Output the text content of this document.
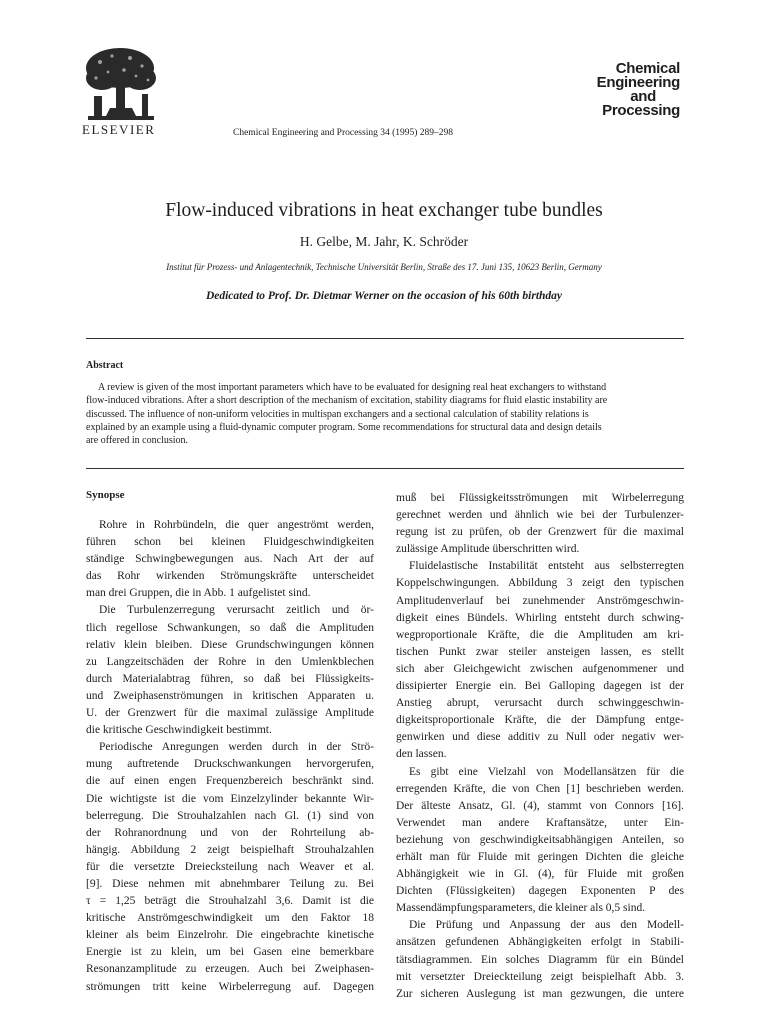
ELSEVIER	Chemical Engineering and Processing 34 (1995) 289–298
Chemical
Engineering
and
Processing
Flow-induced vibrations in heat exchanger tube bundles
H. Gelbe, M. Jahr, K. Schröder
Institut für Prozess- und Anlagentechnik, Technische Universität Berlin, Straße des 17. Juni 135, 10623 Berlin, Germany
Dedicated to Prof. Dr. Dietmar Werner on the occasion of his 60th birthday
Abstract
A review is given of the most important parameters which have to be evaluated for designing real heat exchangers to withstand
flow-induced vibrations. After a short description of the mechanism of excitation, stability diagrams for fluid elastic instability are
discussed. The influence of non-uniform velocities in multispan exchangers and a sectional calculation of stability relations is
explained by an example using a fluid-dynamic computer program. Some recommendations for structural data and design details
are offered in conclusion.
Synopse
Rohre in Rohrbündeln, die quer angeströmt werden,
führen schon bei kleinen Fluidgeschwindigkeiten
ständige Schwingbewegungen aus. Nach Art der auf
das Rohr wirkenden Strömungskräfte unterscheidet
man drei Gruppen, die in Abb. 1 aufgelistet sind.
Die Turbulenzerregung verursacht zeitlich und ör-
tlich regellose Schwankungen, so daß die Amplituden
relativ klein bleiben. Diese Grundschwingungen können
zu Langzeitschäden der Rohre in den Umlenkblechen
durch Materialabtrag führen, so daß bei Flüssigkeits-
und Zweiphasenströmungen in kritischen Apparaten u.
U. der Grenzwert für die maximal zulässige Amplitude
die kritische Geschwindigkeit bestimmt.
Periodische Anregungen werden durch in der Strö-
mung auftretende Druckschwankungen hervorgerufen,
die auf einen engen Frequenzbereich beschränkt sind.
Die wichtigste ist die vom Einzelzylinder bekannte Wir-
belerregung. Die Strouhalzahlen nach Gl. (1) sind von
der Rohranordnung und von der Rohrteilung ab-
hängig. Abbildung 2 zeigt beispielhaft Strouhalzahlen
für die versetzte Dreiecksteilung nach Weaver et al.
[9]. Diese nehmen mit abnehmbarer Teilung zu. Bei
τ = 1,25 beträgt die Strouhalzahl 3,6. Damit ist die
kritische Anströmgeschwindigkeit um den Faktor 18
kleiner als beim Einzelrohr. Die eingebrachte kinetische
Energie ist zu klein, um bei Gasen eine bemerkbare
Resonanzamplitude zu erzeugen. Auch bei Zweiphasen-
strömungen tritt keine Wirbelerregung auf. Dagegen
muß bei Flüssigkeitsströmungen mit Wirbelerregung
gerechnet werden und ähnlich wie bei der Turbulenzer-
regung ist zu prüfen, ob der Grenzwert für die maximal
zulässige Amplitude überschritten wird.
Fluidelastische Instabilität entsteht aus selbsterregten
Koppelschwingungen. Abbildung 3 zeigt den typischen
Amplitudenverlauf bei zunehmender Anströmgeschwin-
digkeit eines Bündels. Whirling entsteht durch schwing-
wegproportionale Kräfte, die die Amplituden am kri-
tischen Punkt zwar steiler ansteigen lassen, es stellt
sich aber Gleichgewicht zwischen aufgenommener und
dissipierter Energie ein. Bei Galloping dagegen ist der
Anstieg abrupt, verursacht durch schwinggeschwin-
digkeitsproportionale Kräfte, die der Dämpfung entge-
genwirken und diese additiv zu Null oder negativ wer-
den lassen.
Es gibt eine Vielzahl von Modellansätzen für die
erregenden Kräfte, die von Chen [1] beschrieben werden.
Der älteste Ansatz, Gl. (4), stammt von Connors [16].
Verwendet man andere Kraftansätze, unter Ein-
beziehung von geschwindigkeitsabhängigen Anteilen, so
erhält man für Fluide mit geringen Dichten die gleiche
Abhängigkeit wie in Gl. (4), für Fluide mit großen
Dichten (Flüssigkeiten) dagegen Exponenten P des
Massendämpfungsparameters, die kleiner als 0,5 sind.
Die Prüfung und Anpassung der aus den Modell-
ansätzen gefundenen Abhängigkeiten erfolgt in Stabili-
tätsdiagrammen. Ein solches Diagramm für ein Bündel
mit versetzter Dreieckteilung zeigt beispielhaft Abb. 3.
Zur sicheren Auslegung ist man gezwungen, die untere
